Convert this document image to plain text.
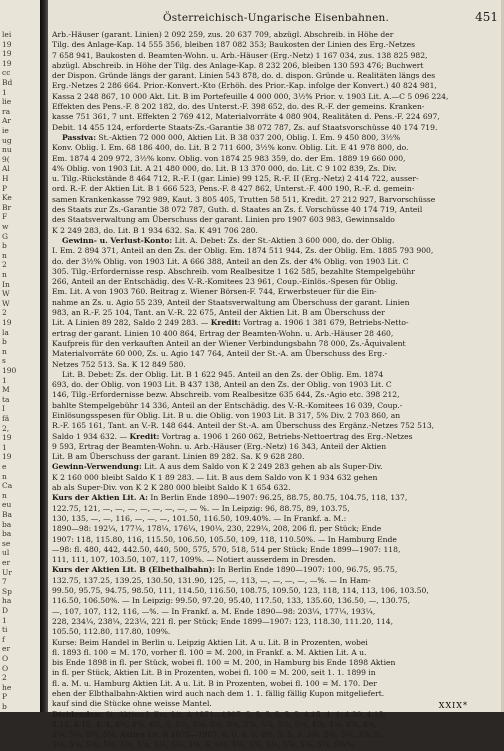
lei
19
19
19
cc
Bd
1
lie
ra
Ar
ie
ug
nu
9(
Al
H
P
Ke
Br
F
w
G
b
n
2
n
In
W
W
2
19
la
b
n
s
190
1
M
ta
I
fä
2,
19
1
19
e
n
Ca
n
eu
Ba
ba
ba
se
ul
er
Ur
7
Sp
ha
D
1
ti
f
er
O
O
2
he
P
b
Österreichisch-Ungarische Eisenbahnen.	451
Arb.-Häuser (garant. Linien) 2 092 259, zus. 20 637 709, abzügl. Abschreib. in Höhe der
Tilg. des Anlage-Kap. 14 555 356, bleiben 187 082 353; Baukosten der Linien des Erg.-Netzes
7 658 941, Baukosten d. Beamten-Wohn. u. Arb.-Häuser (Erg.-Netz) 1 167 034, zus. 138 825 982,
abzügl. Abschreib. in Höhe der Tilg. des Anlage-Kap. 8 232 206, bleiben 130 593 476; Buchwert
der Dispon. Gründe längs der garant. Linien 543 878, do. d. dispon. Gründe u. Realitäten längs des
Erg.-Netzes 2 286 664. Prior.-Konvert.-Kto (Erhöh. des Prior.-Kap. infolge der Konvert.) 40 824 981,
Kassa 2 248 867, 10 000 Akt. Lit. B im Portefeuille 4 000 000, 3½% Prior. v. 1903 Lit. A.—C 5 096 224,
Effekten des Pens.-F. 8 202 182, do. des Unterst.-F. 398 652, do. des R.-F. der gemeins. Kranken-
kasse 751 361, 7 unt. Effekten 2 769 412, Materialvorräte 4 080 904, Realitäten d. Pens.-F. 224 697,
Debit. 14 455 124, erforderte Staats-Zs.-Garantie 38 072 787, Zs. auf Staatsvorschüsse 40 174 719.
Passiva: St.-Aktien 72 000 000, Aktien Lit. B 38 037 200, Oblig. I. Em. 9 450 800, 3½%
Konv. Oblig. I. Em. 68 186 400, do. Lit. B 2 711 600, 3½% konv. Oblig. Lit. E 41 978 800, do.
Em. 1874 4 209 972, 3½% konv. Oblig. von 1874 25 983 359, do. der Em. 1889 19 660 000,
4% Oblig. von 1903 Lit. A 21 480 000, do. Lit. B 13 370 000, do. Lit. C 9 102 839, Zs. Div.
u. Tilg.-Rückstände 8 464 712, R.-F. I (gar. Linie) 99 125, R.-F. II (Erg.-Netz) 2 414 722, ausser-
ord. R.-F. der Aktien Lit. B 1 666 523, Pens.-F. 8 427 862, Unterst.-F. 400 190, R.-F. d. gemein-
samen Krankenkasse 792 989, Kaut. 3 805 405, Trutten 58 511, Kredit. 27 212 927, Barvorschüsse
des Staats zur Zs.-Garantie 38 072 787, Guth. d. Staates an Zs. f. Vorschüsse 40 174 719, Anteil
des Staatsverwaltung am Überschuss der garant. Linien pro 1907 603 983, Gewinnsaldo
K 2 249 283, do. Lit. B 1 934 632. Sa. K 491 706 280.
Gewinn- u. Verlust-Konto: Lit. A. Debet: Zs. der St.-Aktien 3 600 000, do. der Oblig.
I. Em. 2 894 371, Anteil an den Zs. der Oblig. Em. 1874 511 944, Zs. der Oblig. Em. 1885 793 900,
do. der 3½% Oblig. von 1903 Lit. A 666 388, Anteil an den Zs. der 4% Oblig. von 1903 Lit. C
305. Tilg.-Erfordernisse resp. Abschreib. vom Realbesitze 1 162 585, bezahlte Stempelgebühr
266, Anteil an der Entschädig. des V.-R.-Komitees 23 961, Coup.-Einlös.-Spesen für Oblig.
Em. Lit. A von 1903 760. Beitrag z. Wiener Börsen-F. 744, Erwerbsteuer für die Ein-
nahme an Zs. u. Agio 55 239, Anteil der Staatsverwaltung am Überschuss der garant. Linien
983, an R.-F. 25 104, Tant. an V.-R. 22 675, Anteil der Aktien Lit. B am Überschuss der
Lit. A Linien 89 282, Saldo 2 249 283. — Kredit: Vortrag a. 1906 1 381 679, Betriebs-Netto-
ertrag der garant. Linien 10 400 864, Ertrag der Beamten-Wohn. u. Arb.-Häuser 28 460,
Kaufpreis für den verkauften Anteil an der Wiener Verbindungsbahn 78 000, Zs.-Äquivalent
Materialvorräte 60 000, Zs. u. Agio 147 764, Anteil der St.-A. am Überschuss des Erg.-
Netzes 752 513. Sa. K 12 849 580.
Lit. B. Debet: Zs. der Oblig. Lit. B 1 622 945. Anteil an den Zs. der Oblig. Em. 1874
693, do. der Oblig. von 1903 Lit. B 437 138, Anteil an den Zs. der Oblig. von 1903 Lit. C
146, Tilg.-Erfordernisse bezw. Abschreib. vom Realbesitze 635 644, Zs.-Agio etc. 398 212,
bahlte Stempelgebühr 14 336, Anteil an der Entschädig. des V.-R.-Komitees 16 039, Coup.-
Einlösungsspesen für Oblig. Lit. B u. die Oblig. von 1903 Lit. B 317, 5% Div. 2 703 860, an
R.-F. 165 161, Tant. an V.-R. 148 644. Anteil der St.-A. am Überschuss des Ergänz.-Netzes 752 513,
Saldo 1 934 632. — Kredit: Vortrag a. 1906 1 260 062, Betriebs-Nettoertrag des Erg.-Netzes
9 593, Ertrag der Beamten-Wohn. u. Arb.-Häuser (Erg.-Netz) 16 343, Anteil der Aktien
Lit. B am Überschuss der garant. Linien 89 282. Sa. K 9 628 280.
Gewinn-Verwendung: Lit. A aus dem Saldo von K 2 249 283 gehen ab als Super-Div.
K 2 160 000 bleibt Saldo K 1 89 283. — Lit. B aus dem Saldo von K 1 934 632 gehen
ab als Super-Div. von K 2 K 280 000 bleibt Saldo K 1 654 632.
Kurs der Aktien Lit. A: In Berlin Ende 1890—1907: 96.25, 88.75, 80.75, 104.75, 118, 137,
122.75, 121, —, —, —, —, —, —, —, — %. — In Leipzig: 96, 88.75, 89, 103.75,
130, 135, —, —, 116, —, —, —, 101.50, 116.50, 109.40%. — In Frankf. a. M.:
1890—98: 192¼, 177¼, 178¼, 176¼, 190¼, 230, 229¼, 208, 206 fl. per Stück; Ende
1907: 118, 115.80, 116, 115.50, 106.50, 105.50, 109, 118, 110.50%. — In Hamburg Ende
—98: fl. 480, 442, 442.50, 440, 500, 575, 570, 518, 514 per Stück; Ende 1899—1907: 118,
111, 111, 107, 103.50, 107, 117, 109%. — Notiert ausserdem in Dresden.
Kurs der Aktien Lit. B (Elbethalbahn): In Berlin Ende 1890—1907: 100, 96.75, 95.75,
132.75, 137.25, 139.25, 130.50, 131.90, 125, —, 113, —, —, —, —, —%. — In Ham-
99.50, 95.75, 94.75, 98.50, 111, 114.50, 116.50, 108.75, 109.50, 123, 118, 114, 113, 106, 103.50,
116.50, 106.50%. — In Leipzig: 99.50, 97.20, 95.40, 117.50, 133, 135.60, 136.50, —, 130.75,
—, 107, 107, 112, 116, —%. — In Frankf. a. M. Ende 1890—98: 203¼, 177¼, 193¼,
228, 234¼, 238¼, 223¼, 221 fl. per Stück; Ende 1899—1907: 123, 118.30, 111.20, 114,
105.50, 112.80, 117.80, 109%.
Kurse: Beim Handel in Berlin u. Leipzig Aktien Lit. A u. Lit. B in Prozenten, wobei
fl. 1893 fl. 100 = M. 170, vorher fl. 100 = M. 200, in Frankf. a. M. Aktien Lit. A u.
bis Ende 1898 in fl. per Stück, wobei fl. 100 = M. 200, in Hamburg bis Ende 1898 Aktien
in fl. per Stück, Aktien Lit. B in Prozenten, wobei fl. 100 = M. 200, seit 1. 1. 1899 in
fl. a. M. u. Hamburg Aktien Lit. A u. Lit. B in Prozenten, wobei fl. 100 = M. 170. Der
ehen der Elbthalbahn-Aktien wird auch nach dem 1. 1. fällig fällig Kupon mitgeliefert.
kauf sind die Stücke ohne weisse Mantel.
Dividenden: St.-Aktien I. Em. Lit. A 1871—1907: 5, 5, 5, 5, 5, 5, 4.15, 4, 4, 4.20, 4.15,
4.15, 4.15, 4, 4, 4¼, 4⅜, 4¼, 5, 5½, 5⅛, 5½, 5⅝, 5⅞, 5⅞, 5⅞, 5¼, 4⅞, 4⅛, 4⅞, 4⅛,
5¼, 5¼, 5½, 5⅝, Aktien Lit. B 1875—1907: 0, 0, 4, 0, 2½, 5, 5, 5, 3½, 2½, 3½, 3⅞, 5,
5½, 5⅝, 5⅜, 5¼, 5¼, 5⅜, 5⅛, 5½, 5¼, 6, 6¼, 5¼, 5¾, 5¼, 5⅞, 5¼, 5¼, 5¾%.
XXIX*
